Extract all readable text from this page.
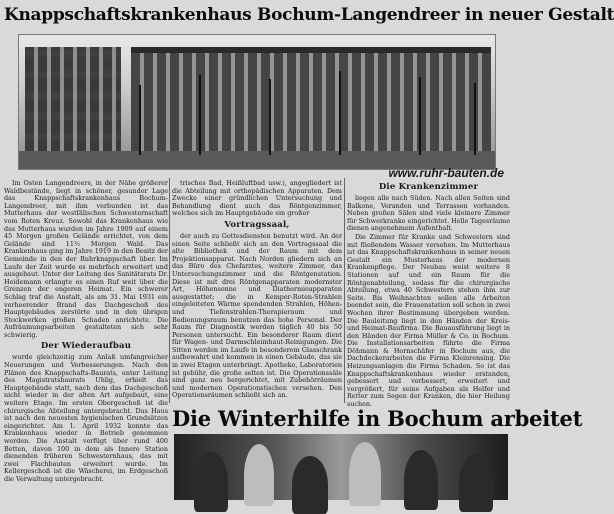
Knappschaftskrankenhaus Bochum-Langendreer in neuer Gestalt
www.ruhr-bauten.de

Im Osten Langendreers, in der Nähe größerer Waldbestände, liegt in schöner, gesunder Lage das Knappschaftskrankenhaus Bochum-Langendreer, mit ihm verbunden ist das Mutterhaus der westfälischen Schwesternschaft vom Roten Kreuz. Sowohl das Krankenhaus wie das Mutterhaus wurden im Jahre 1909 auf einem 45 Morgen großen Gelände errichtet, von dem Gelände sind 11½ Morgen Wald. Das Krankenhaus ging im Jahre 1919 in den Besitz der Gemeinde in den der Ruhrknappschaft über. Im Laufe der Zeit wurde es mehrfach erweitert und ausgebaut. Unter der Leitung des Sanitätsrats Dr. Heidemann erlangte es einen Ruf weit über die Grenzen der engeren Heimat. Ein schwerer Schlag traf die Anstalt, als am 31. Mai 1931 ein verheerender Brand das Dachgeschoß des Hauptgebäudes zerstörte und in den übrigen Stockwerken großen Schaden anrichtete. Die Aufräumungsarbeiten gestalteten sich sehr schwierig.

Der Wiederaufbau

wurde gleichzeitig zum Anlaß umfangreicher Neuerungen und Verbesserungen. Nach den Plänen des Knappschafts-Baurats, unter Leitung des Magistratsbaurats Uhlig, erhielt das Hauptgebäude statt, nach dem das Dachgeschoß nicht wieder in der alten Art aufgebaut, eine weitere Etage. Im ersten Obergeschoß ist die chirurgische Abteilung untergebracht. Das Haus ist nach den neuesten hygienischen Grundsätzen eingerichtet. Am 1. April 1932 konnte das Krankenhaus wieder in Betrieb genommen werden. Die Anstalt verfügt über rund 400 Betten, davon 100 in dem als Innere Station dienenden früheren Schwesternhaus, das mit zwei Flachbauten erweitert wurde. Im Kellergeschoß ist die Wäscherei, im Erdgeschoß die Verwaltung untergebracht.

trisches Bad, Heißluftbad usw.), angegliedert ist die Abteilung mit orthopädischen Apparaten. Dem Zwecke einer gründlichen Untersuchung und Behandlung dient auch das Röntgenzimmer, welches sich im Hauptgebäude ein großer

Vortragssaal,

der auch zu Gottesdiensten benutzt wird. An der einen Seite schließt sich an den Vortragssaal die alte Bibliothek und der Raum mit dem Projektionsapparat. Nach Norden gliedern sich an das Büro des Chefarztes, weitere Zimmer, das Untersuchungszimmer und die Röntgenstation. Diese ist mit drei Röntgenapparaten modernster Art, Höhensonne und Diathermieapparaten ausgestattet; die in Kemper-Roten-Strahlen eingeleiteten Wärme spendenden Strahlen, Höhen- und Tiefenstrahlen-Therapieraum und Bedienungsraum benutzen das hohe Personal. Der Raum für Diagnostik werden täglich 40 bis 50 Personen untersucht. Ein besonderer Raum dient für Wagen- und Darmschleimhaut-Reinigungen. Die Sitten werden im Laufe in besonderem Glasschrank aufbewahrt und kommen in einen Gebäude, das sie in zwei Etagen unterbringt. Apotheke, Laboratorien ist gebühr, die große selten ist. Die Operationssäle sind ganz neu hergerichtet, mit Zubehörräumen und modernen Operationstischen versehen. Den Operationsräumen schließt sich an.

Die Krankenzimmer

liegen alle nach Süden. Nach allen Seiten sind Balkone, Veranden und Terrassen vorhanden. Neben großen Sälen sind viele kleinere Zimmer für Schwerkranke eingerichtet. Helle Tagesräume dienen angenehmem Aufenthalt.

Die Zimmer für Kranke und Schwestern sind mit fließendem Wasser versehen. Im Mutterhaus ist das Knappschaftskrankenhaus in seiner neuen Gestalt ein Musterhaus der modernen Krankenpflege. Der Neubau weist weitere 8 Stationen auf und ein Raum für die Röntgenabteilung, sodass für die chirurgische Abteilung, etwa 40 Schwestern stehen ihm zur Seite. Bis Weihnachten sollen alle Arbeiten beendet sein, die Frauenstation soll schon in zwei Wochen ihrer Bestimmung übergeben werden. Die Bauleitung liegt in den Händen der Kreis- und Heimat-Baufirma. Die Bauausführung liegt in den Händen der Firma Müller & Co. in Bochum. Die Installationsarbeiten führte die Firma Döhmann & Hornschäfer in Bochum aus, die Dachdeckerarbeiten die Firma Kleinrensing. Die Heizungsanlagen die Firma Schaden. So ist das Knappschaftskrankenhaus wieder erstanden, gebessert und verbessert, erweitert und vergrößert, für seine Aufgaben als Helfer und Retter zum Segen der Kranken, die hier Heilung suchen.

Die Winterhilfe in Bochum arbeitet
